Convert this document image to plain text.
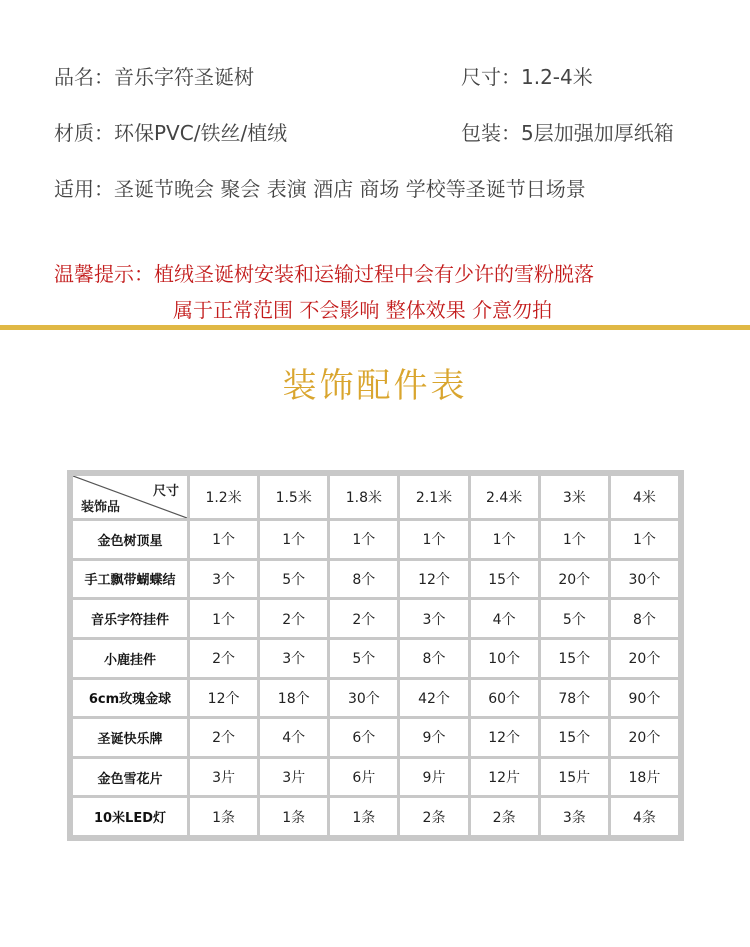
品名：音乐字符圣诞树	尺寸：1.2-4米
材质：环保PVC/铁丝/植绒	包装：5层加强加厚纸箱
适用：圣诞节晚会 聚会 表演 酒店 商场 学校等圣诞节日场景
温馨提示：植绒圣诞树安装和运输过程中会有少许的雪粉脱落
属于正常范围 不会影响 整体效果 介意勿拍
装饰配件表
尺寸
装饰品	1.2米	1.5米	1.8米	2.1米	2.4米	3米	4米
金色树顶星	1个	1个	1个	1个	1个	1个	1个
手工飘带蝴蝶结	3个	5个	8个	12个	15个	20个	30个
音乐字符挂件	1个	2个	2个	3个	4个	5个	8个
小鹿挂件	2个	3个	5个	8个	10个	15个	20个
6cm玫瑰金球	12个	18个	30个	42个	60个	78个	90个
圣诞快乐牌	2个	4个	6个	9个	12个	15个	20个
金色雪花片	3片	3片	6片	9片	12片	15片	18片
10米LED灯	1条	1条	1条	2条	2条	3条	4条
